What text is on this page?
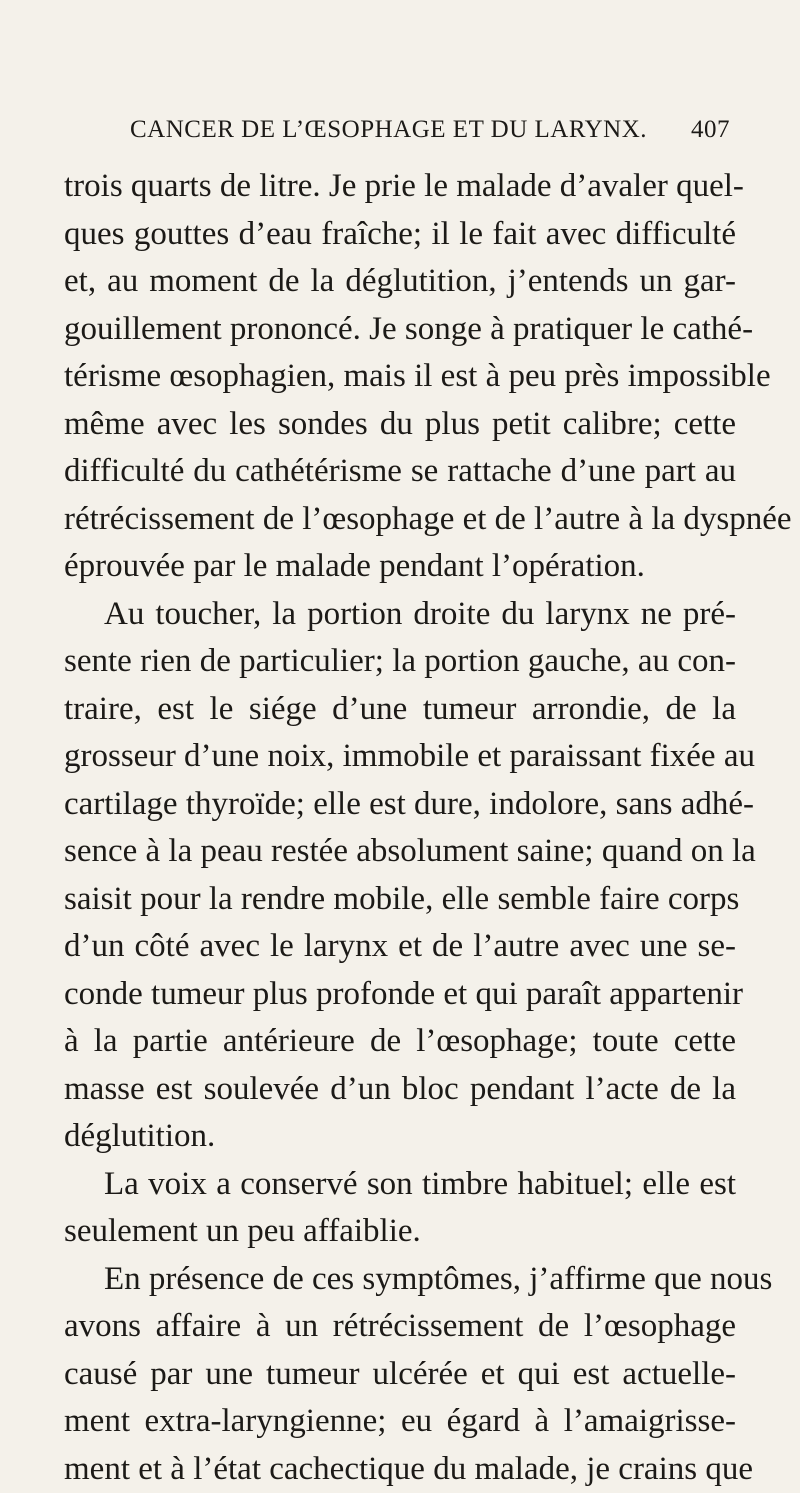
CANCER DE L’ŒSOPHAGE ET DU LARYNX. 407
trois quarts de litre. Je prie le malade d’avaler quel-
ques gouttes d’eau fraîche; il le fait avec difficulté
et, au moment de la déglutition, j’entends un gar-
gouillement prononcé. Je songe à pratiquer le cathé-
térisme œsophagien, mais il est à peu près impossible
même avec les sondes du plus petit calibre; cette
difficulté du cathétérisme se rattache d’une part au
rétrécissement de l’œsophage et de l’autre à la dyspnée
éprouvée par le malade pendant l’opération.
Au toucher, la portion droite du larynx ne pré-
sente rien de particulier; la portion gauche, au con-
traire, est le siége d’une tumeur arrondie, de la
grosseur d’une noix, immobile et paraissant fixée au
cartilage thyroïde; elle est dure, indolore, sans adhé-
sence à la peau restée absolument saine; quand on la
saisit pour la rendre mobile, elle semble faire corps
d’un côté avec le larynx et de l’autre avec une se-
conde tumeur plus profonde et qui paraît appartenir
à la partie antérieure de l’œsophage; toute cette
masse est soulevée d’un bloc pendant l’acte de la
déglutition.
La voix a conservé son timbre habituel; elle est
seulement un peu affaiblie.
En présence de ces symptômes, j’affirme que nous
avons affaire à un rétrécissement de l’œsophage
causé par une tumeur ulcérée et qui est actuelle-
ment extra-laryngienne; eu égard à l’amaigrisse-
ment et à l’état cachectique du malade, je crains que
